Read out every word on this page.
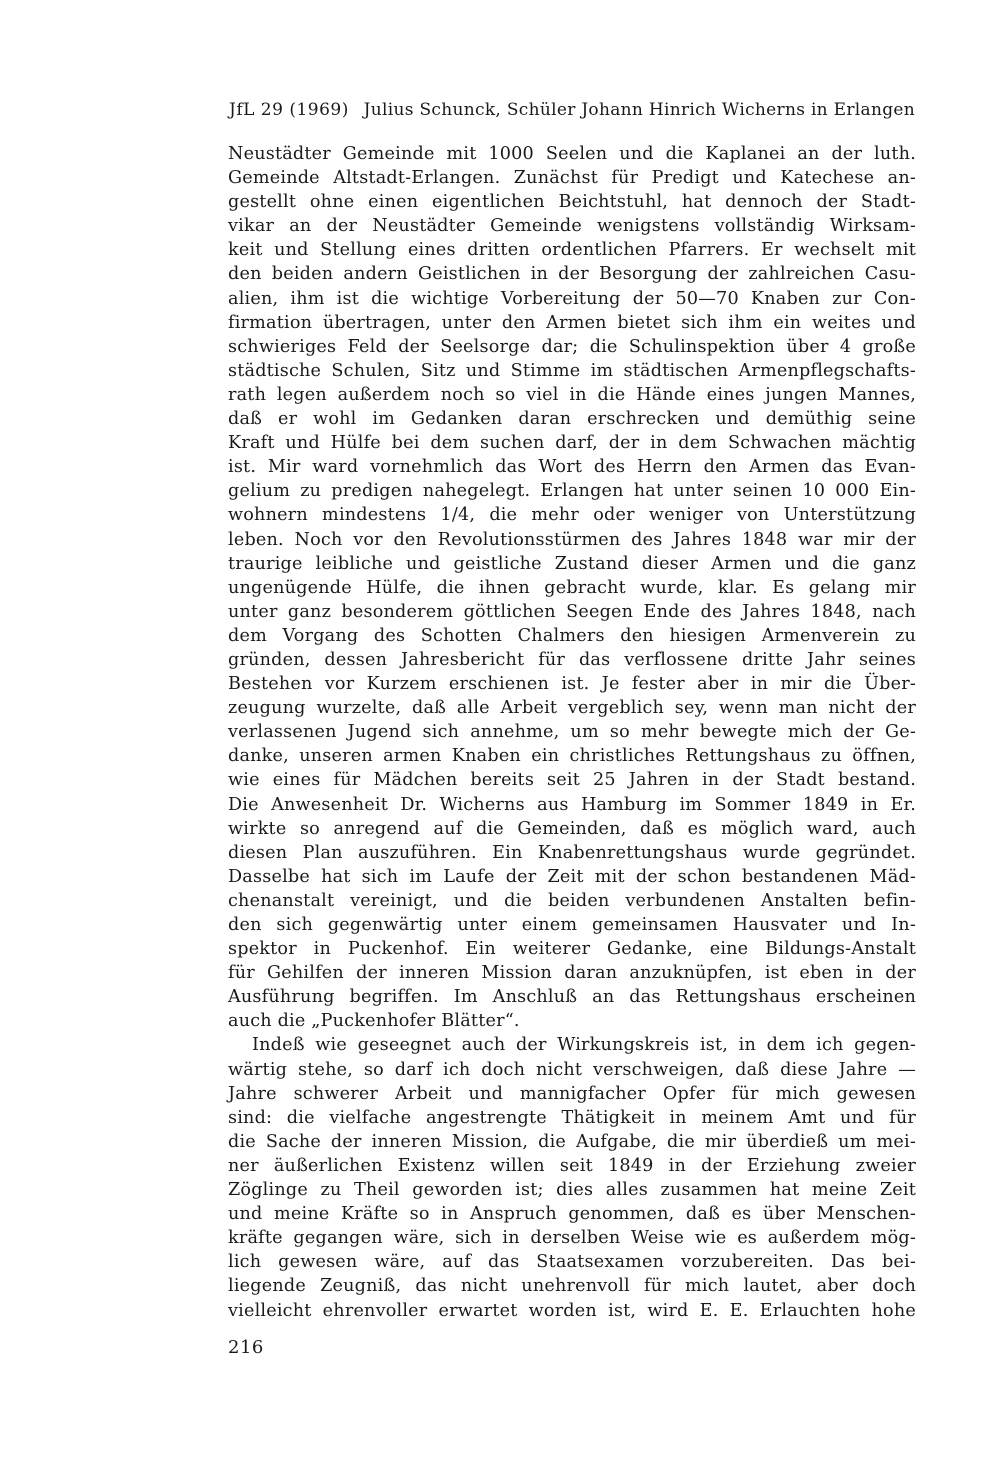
JfL 29 (1969) Julius Schunck, Schüler Johann Hinrich Wicherns in Erlangen
Neustädter Gemeinde mit 1000 Seelen und die Kaplanei an der luth.
Gemeinde Altstadt-Erlangen. Zunächst für Predigt und Katechese an-
gestellt ohne einen eigentlichen Beichtstuhl, hat dennoch der Stadt-
vikar an der Neustädter Gemeinde wenigstens vollständig Wirksam-
keit und Stellung eines dritten ordentlichen Pfarrers. Er wechselt mit
den beiden andern Geistlichen in der Besorgung der zahlreichen Casu-
alien, ihm ist die wichtige Vorbereitung der 50—70 Knaben zur Con-
firmation übertragen, unter den Armen bietet sich ihm ein weites und
schwieriges Feld der Seelsorge dar; die Schulinspektion über 4 große
städtische Schulen, Sitz und Stimme im städtischen Armenpflegschafts-
rath legen außerdem noch so viel in die Hände eines jungen Mannes,
daß er wohl im Gedanken daran erschrecken und demüthig seine
Kraft und Hülfe bei dem suchen darf, der in dem Schwachen mächtig
ist. Mir ward vornehmlich das Wort des Herrn den Armen das Evan-
gelium zu predigen nahegelegt. Erlangen hat unter seinen 10 000 Ein-
wohnern mindestens 1/4, die mehr oder weniger von Unterstützung
leben. Noch vor den Revolutionsstürmen des Jahres 1848 war mir der
traurige leibliche und geistliche Zustand dieser Armen und die ganz
ungenügende Hülfe, die ihnen gebracht wurde, klar. Es gelang mir
unter ganz besonderem göttlichen Seegen Ende des Jahres 1848, nach
dem Vorgang des Schotten Chalmers den hiesigen Armenverein zu
gründen, dessen Jahresbericht für das verflossene dritte Jahr seines
Bestehen vor Kurzem erschienen ist. Je fester aber in mir die Über-
zeugung wurzelte, daß alle Arbeit vergeblich sey, wenn man nicht der
verlassenen Jugend sich annehme, um so mehr bewegte mich der Ge-
danke, unseren armen Knaben ein christliches Rettungshaus zu öffnen,
wie eines für Mädchen bereits seit 25 Jahren in der Stadt bestand.
Die Anwesenheit Dr. Wicherns aus Hamburg im Sommer 1849 in Er.
wirkte so anregend auf die Gemeinden, daß es möglich ward, auch
diesen Plan auszuführen. Ein Knabenrettungshaus wurde gegründet.
Dasselbe hat sich im Laufe der Zeit mit der schon bestandenen Mäd-
chenanstalt vereinigt, und die beiden verbundenen Anstalten befin-
den sich gegenwärtig unter einem gemeinsamen Hausvater und In-
spektor in Puckenhof. Ein weiterer Gedanke, eine Bildungs-Anstalt
für Gehilfen der inneren Mission daran anzuknüpfen, ist eben in der
Ausführung begriffen. Im Anschluß an das Rettungshaus erscheinen
auch die „Puckenhofer Blätter“.
Indeß wie geseegnet auch der Wirkungskreis ist, in dem ich gegen-
wärtig stehe, so darf ich doch nicht verschweigen, daß diese Jahre —
Jahre schwerer Arbeit und mannigfacher Opfer für mich gewesen
sind: die vielfache angestrengte Thätigkeit in meinem Amt und für
die Sache der inneren Mission, die Aufgabe, die mir überdieß um mei-
ner äußerlichen Existenz willen seit 1849 in der Erziehung zweier
Zöglinge zu Theil geworden ist; dies alles zusammen hat meine Zeit
und meine Kräfte so in Anspruch genommen, daß es über Menschen-
kräfte gegangen wäre, sich in derselben Weise wie es außerdem mög-
lich gewesen wäre, auf das Staatsexamen vorzubereiten. Das bei-
liegende Zeugniß, das nicht unehrenvoll für mich lautet, aber doch
vielleicht ehrenvoller erwartet worden ist, wird E. E. Erlauchten hohe
216
